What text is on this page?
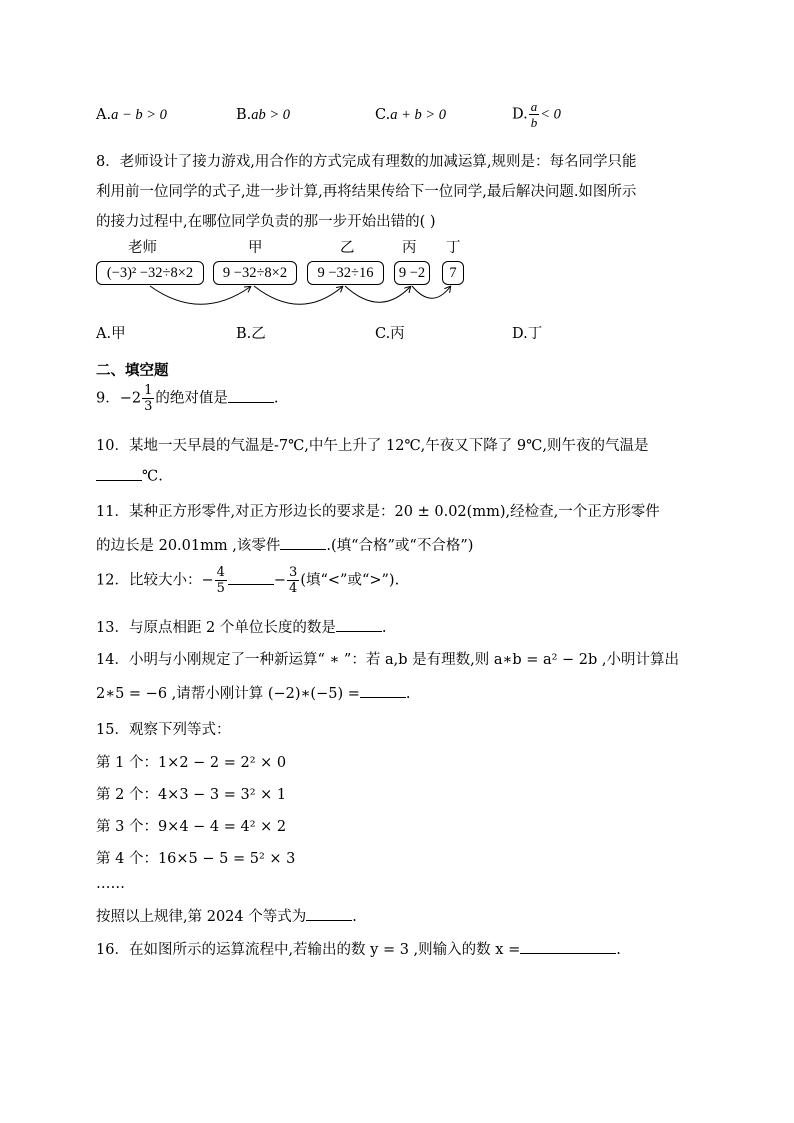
A.a − b > 0	B.ab > 0	C.a + b > 0	D. $\frac{a}{b} < 0$
8．老师设计了接力游戏,用合作的方式完成有理数的加减运算,规则是：每名同学只能
利用前一位同学的式子,进一步计算,再将结果传给下一位同学,最后解决问题.如图所示
的接力过程中,在哪位同学负责的那一步开始出错的( )
老师	甲	乙	丙 丁
(−3)² −32÷8×2	9 −32÷8×2	9 −32÷16	9 −2	7
A.甲	B.乙	C.丙	D.丁
二、填空题
9．$-2 \frac{1}{3}$ 的绝对值是	.
10．某地一天早晨的气温是-7℃,中午上升了 12℃,午夜又下降了 9℃,则午夜的气温是
℃.
11．某种正方形零件,对正方形边长的要求是：20 ± 0.02(mm),经检查,一个正方形零件
的边长是 20.01mm ,该零件	.(填“合格”或“不合格”)
12．比较大小：− $\frac{4}{5}$	− $\frac{3}{4}$ (填“<”或“>”).
13．与原点相距 2 个单位长度的数是	.
14．小明与小刚规定了一种新运算“ ∗ ”：若 a,b 是有理数,则 a∗b = a² − 2b ,小明计算出
2∗5 = −6 ,请帮小刚计算 (−2)∗(−5) =	.
15．观察下列等式：
第 1 个：1×2 − 2 = 2² × 0
第 2 个：4×3 − 3 = 3² × 1
第 3 个：9×4 − 4 = 4² × 2
第 4 个：16×5 − 5 = 5² × 3
……
按照以上规律,第 2024 个等式为	.
16．在如图所示的运算流程中,若输出的数 y = 3 ,则输入的数 x =	.
